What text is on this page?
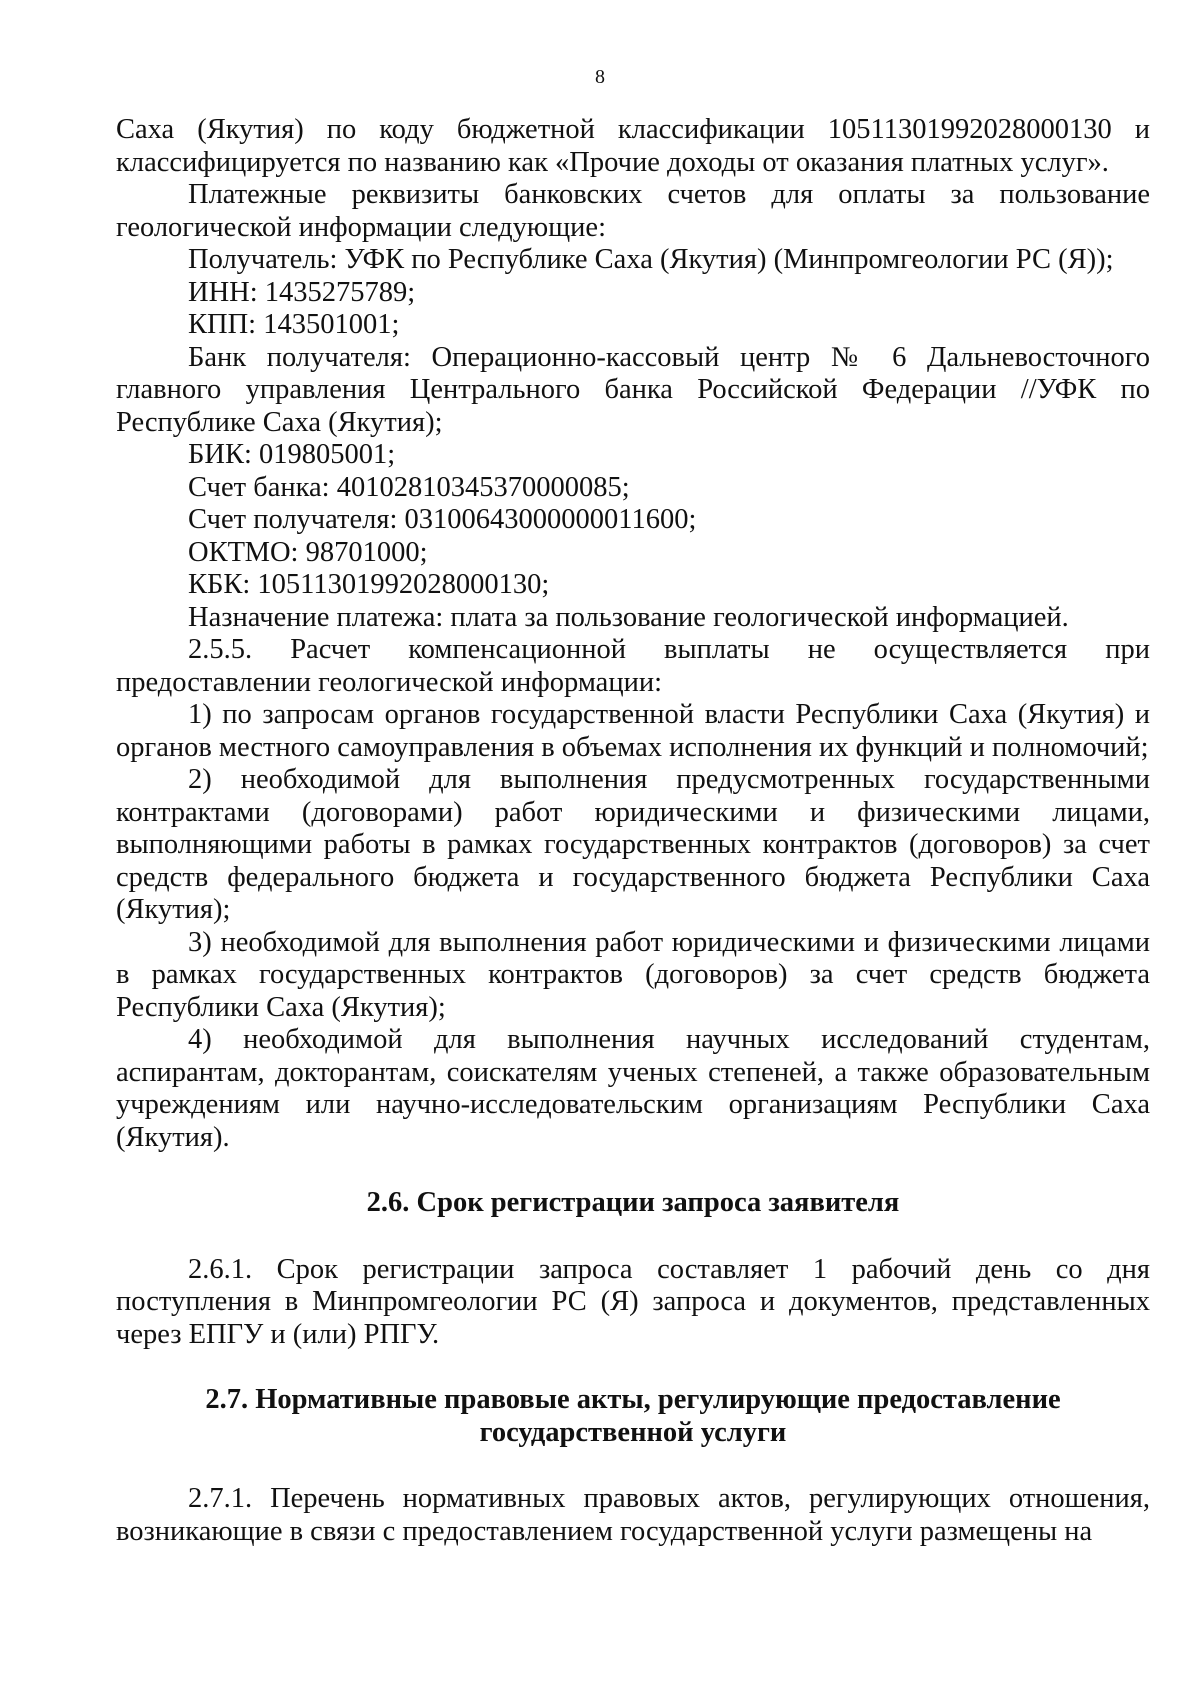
8

Саха (Якутия) по коду бюджетной классификации 10511301992028000130 и классифицируется по названию как «Прочие доходы от оказания платных услуг».

Платежные реквизиты банковских счетов для оплаты за пользование геологической информации следующие:

Получатель: УФК по Республике Саха (Якутия) (Минпромгеологии РС (Я));

ИНН: 1435275789;

КПП: 143501001;

Банк получателя: Операционно-кассовый центр № 6 Дальневосточного главного управления Центрального банка Российской Федерации //УФК по Республике Саха (Якутия);

БИК: 019805001;

Счет банка: 40102810345370000085;

Счет получателя: 03100643000000011600;

ОКТМО: 98701000;

КБК: 10511301992028000130;

Назначение платежа: плата за пользование геологической информацией.

2.5.5. Расчет компенсационной выплаты не осуществляется при предоставлении геологической информации:

1) по запросам органов государственной власти Республики Саха (Якутия) и органов местного самоуправления в объемах исполнения их функций и полномочий;

2) необходимой для выполнения предусмотренных государственными контрактами (договорами) работ юридическими и физическими лицами, выполняющими работы в рамках государственных контрактов (договоров) за счет средств федерального бюджета и государственного бюджета Республики Саха (Якутия);

3) необходимой для выполнения работ юридическими и физическими лицами в рамках государственных контрактов (договоров) за счет средств бюджета Республики Саха (Якутия);

4) необходимой для выполнения научных исследований студентам, аспирантам, докторантам, соискателям ученых степеней, а также образовательным учреждениям или научно-исследовательским организациям Республики Саха (Якутия).

2.6. Срок регистрации запроса заявителя

2.6.1. Срок регистрации запроса составляет 1 рабочий день со дня поступления в Минпромгеологии РС (Я) запроса и документов, представленных через ЕПГУ и (или) РПГУ.

2.7. Нормативные правовые акты, регулирующие предоставление
государственной услуги

2.7.1. Перечень нормативных правовых актов, регулирующих отношения, возникающие в связи с предоставлением государственной услуги размещены на
